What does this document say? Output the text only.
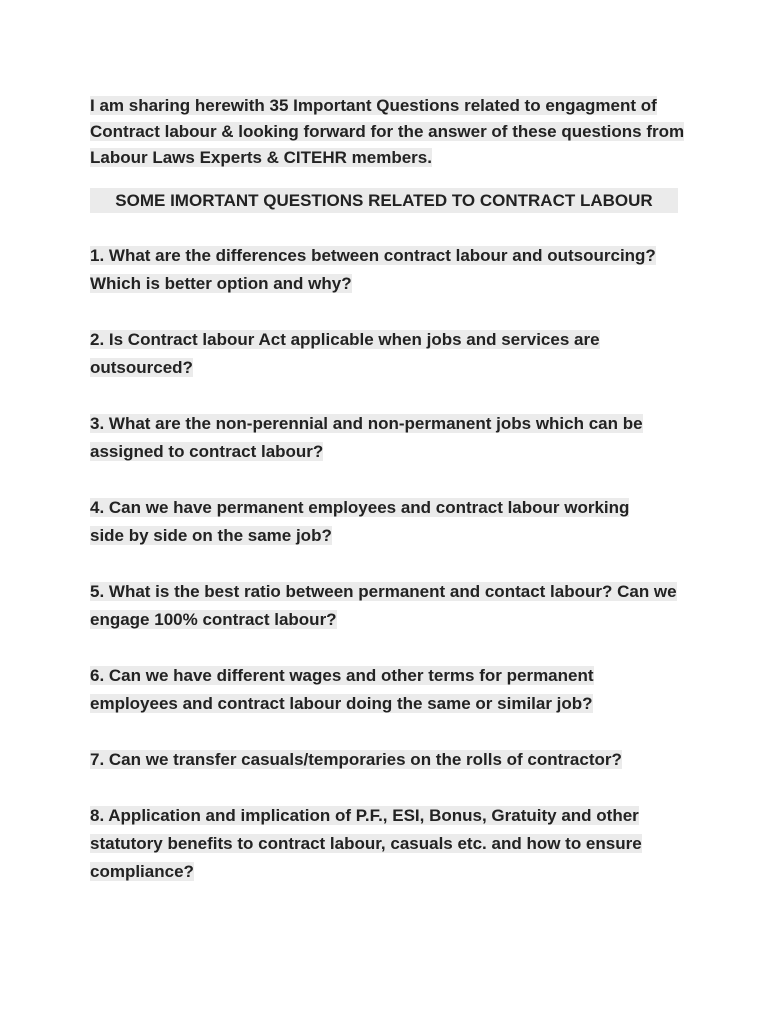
I am sharing herewith 35 Important Questions related to engagment of Contract labour & looking forward for the answer of these questions from Labour Laws Experts & CITEHR members.

SOME IMORTANT QUESTIONS RELATED TO CONTRACT LABOUR

1. What are the differences between contract labour and outsourcing? Which is better option and why?

2. Is Contract labour Act applicable when jobs and services are outsourced?

3. What are the non-perennial and non-permanent jobs which can be assigned to contract labour?

4. Can we have permanent employees and contract labour working side by side on the same job?

5. What is the best ratio between permanent and contact labour? Can we engage 100% contract labour?

6. Can we have different wages and other terms for permanent employees and contract labour doing the same or similar job?

7. Can we transfer casuals/temporaries on the rolls of contractor?

8. Application and implication of P.F., ESI, Bonus, Gratuity and other statutory benefits to contract labour, casuals etc. and how to ensure compliance?
